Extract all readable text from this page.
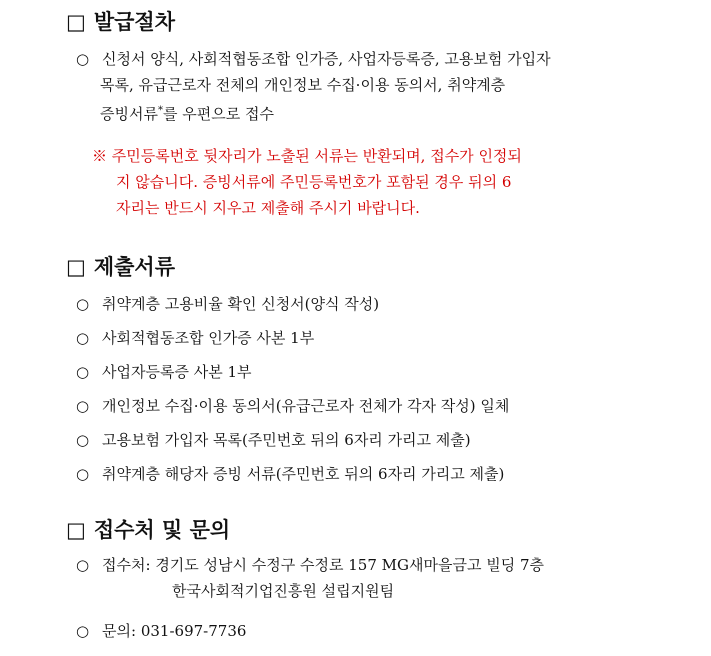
□ 발급절차
○ 신청서 양식, 사회적협동조합 인가증, 사업자등록증, 고용보험 가입자
목록, 유급근로자 전체의 개인정보 수집·이용 동의서, 취약계층
증빙서류*를 우편으로 접수
※ 주민등록번호 뒷자리가 노출된 서류는 반환되며, 접수가 인정되
지 않습니다. 증빙서류에 주민등록번호가 포함된 경우 뒤의 6
자리는 반드시 지우고 제출해 주시기 바랍니다.
□ 제출서류
○ 취약계층 고용비율 확인 신청서(양식 작성)
○ 사회적협동조합 인가증 사본 1부
○ 사업자등록증 사본 1부
○ 개인정보 수집·이용 동의서(유급근로자 전체가 각자 작성) 일체
○ 고용보험 가입자 목록(주민번호 뒤의 6자리 가리고 제출)
○ 취약계층 해당자 증빙 서류(주민번호 뒤의 6자리 가리고 제출)
□ 접수처 및 문의
○ 접수처: 경기도 성남시 수정구 수정로 157 MG새마을금고 빌딩 7층
한국사회적기업진흥원 설립지원팀
○ 문의: 031-697-7736
